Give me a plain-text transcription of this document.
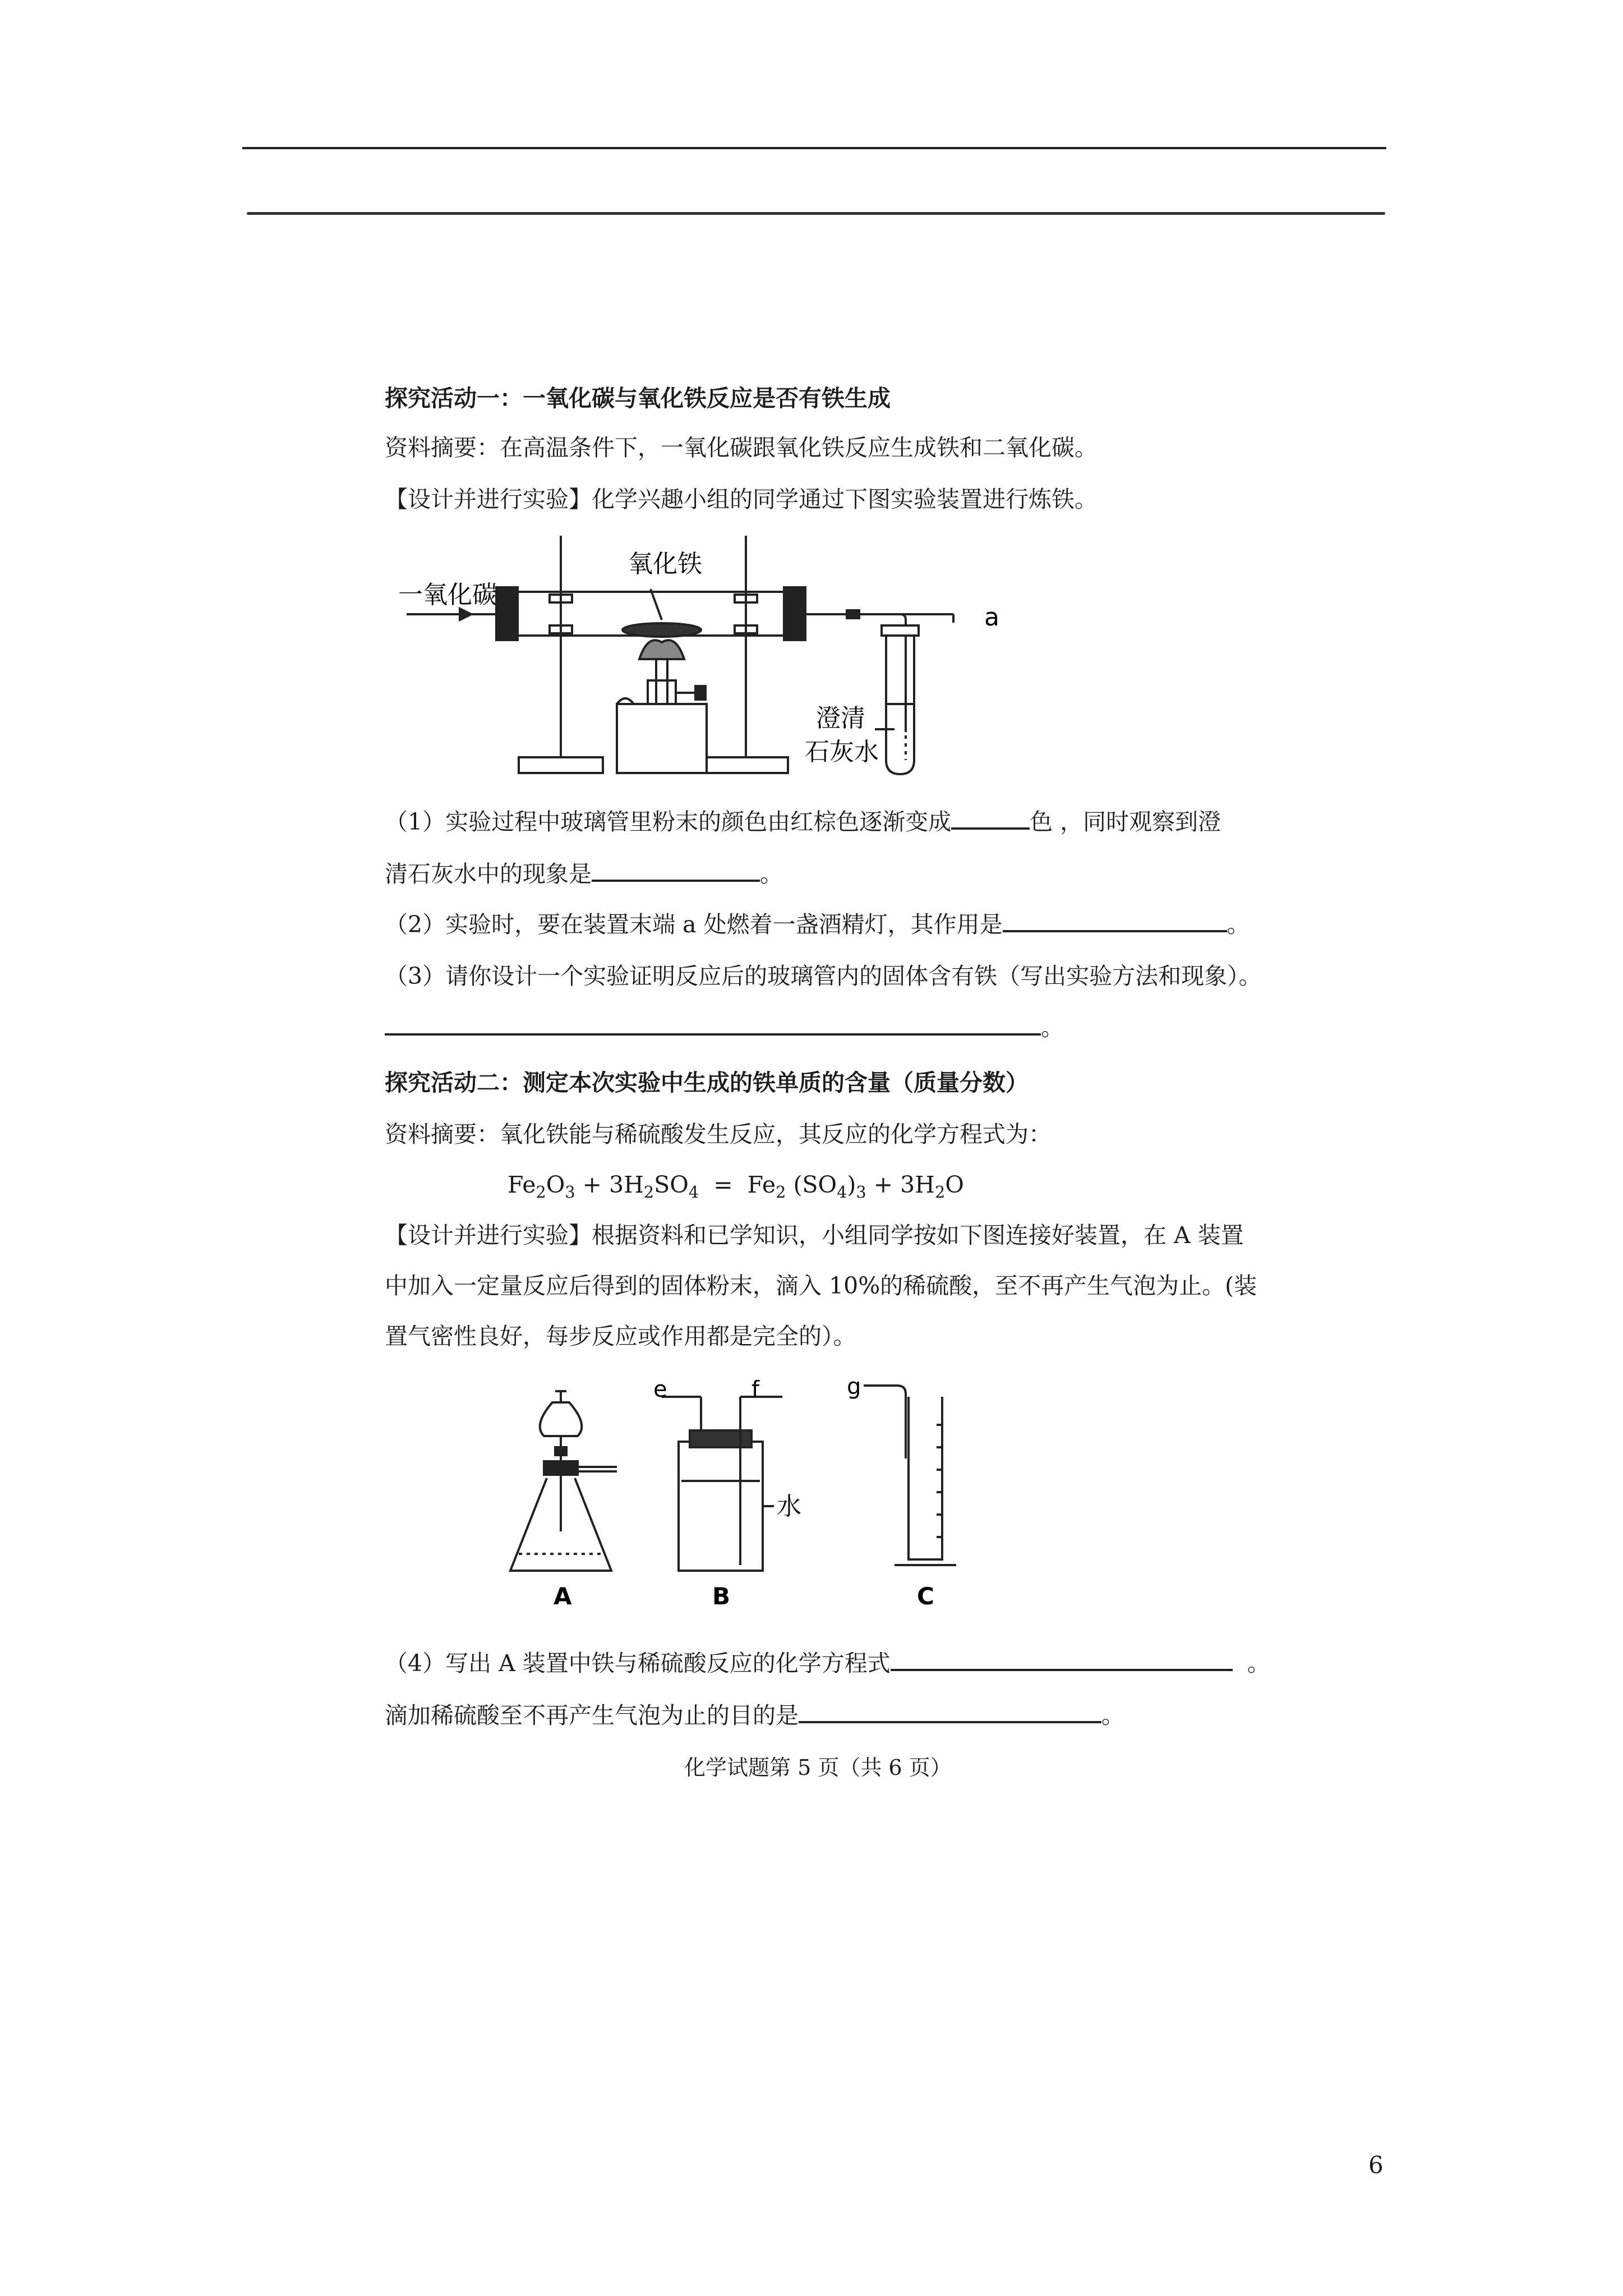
探究活动一：一氧化碳与氧化铁反应是否有铁生成
资料摘要：在高温条件下，一氧化碳跟氧化铁反应生成铁和二氧化碳。
【设计并进行实验】化学兴趣小组的同学通过下图实验装置进行炼铁。
一氧化碳
氧化铁
a
澄清
石灰水
（1）实验过程中玻璃管里粉末的颜色由红棕色逐渐变成	色 ，同时观察到澄
清石灰水中的现象是	。
（2）实验时，要在装置末端 a 处燃着一盏酒精灯，其作用是	。
（3）请你设计一个实验证明反应后的玻璃管内的固体含有铁（写出实验方法和现象）。
。
探究活动二：测定本次实验中生成的铁单质的含量（质量分数）
资料摘要：氧化铁能与稀硫酸发生反应，其反应的化学方程式为：
$Fe_2O_3 + 3H_2SO_4 = Fe_2$ $(SO_4)_3 + 3H_2O$
【设计并进行实验】根据资料和已学知识，小组同学按如下图连接好装置，在 A 装置
中加入一定量反应后得到的固体粉末，滴入 10%的稀硫酸，至不再产生气泡为止。(装
置气密性良好，每步反应或作用都是完全的）。
e	f	g
水
A	B	C
（4）写出 A 装置中铁与稀硫酸反应的化学方程式	。
滴加稀硫酸至不再产生气泡为止的目的是	。
化学试题第 5 页（共 6 页）
6
